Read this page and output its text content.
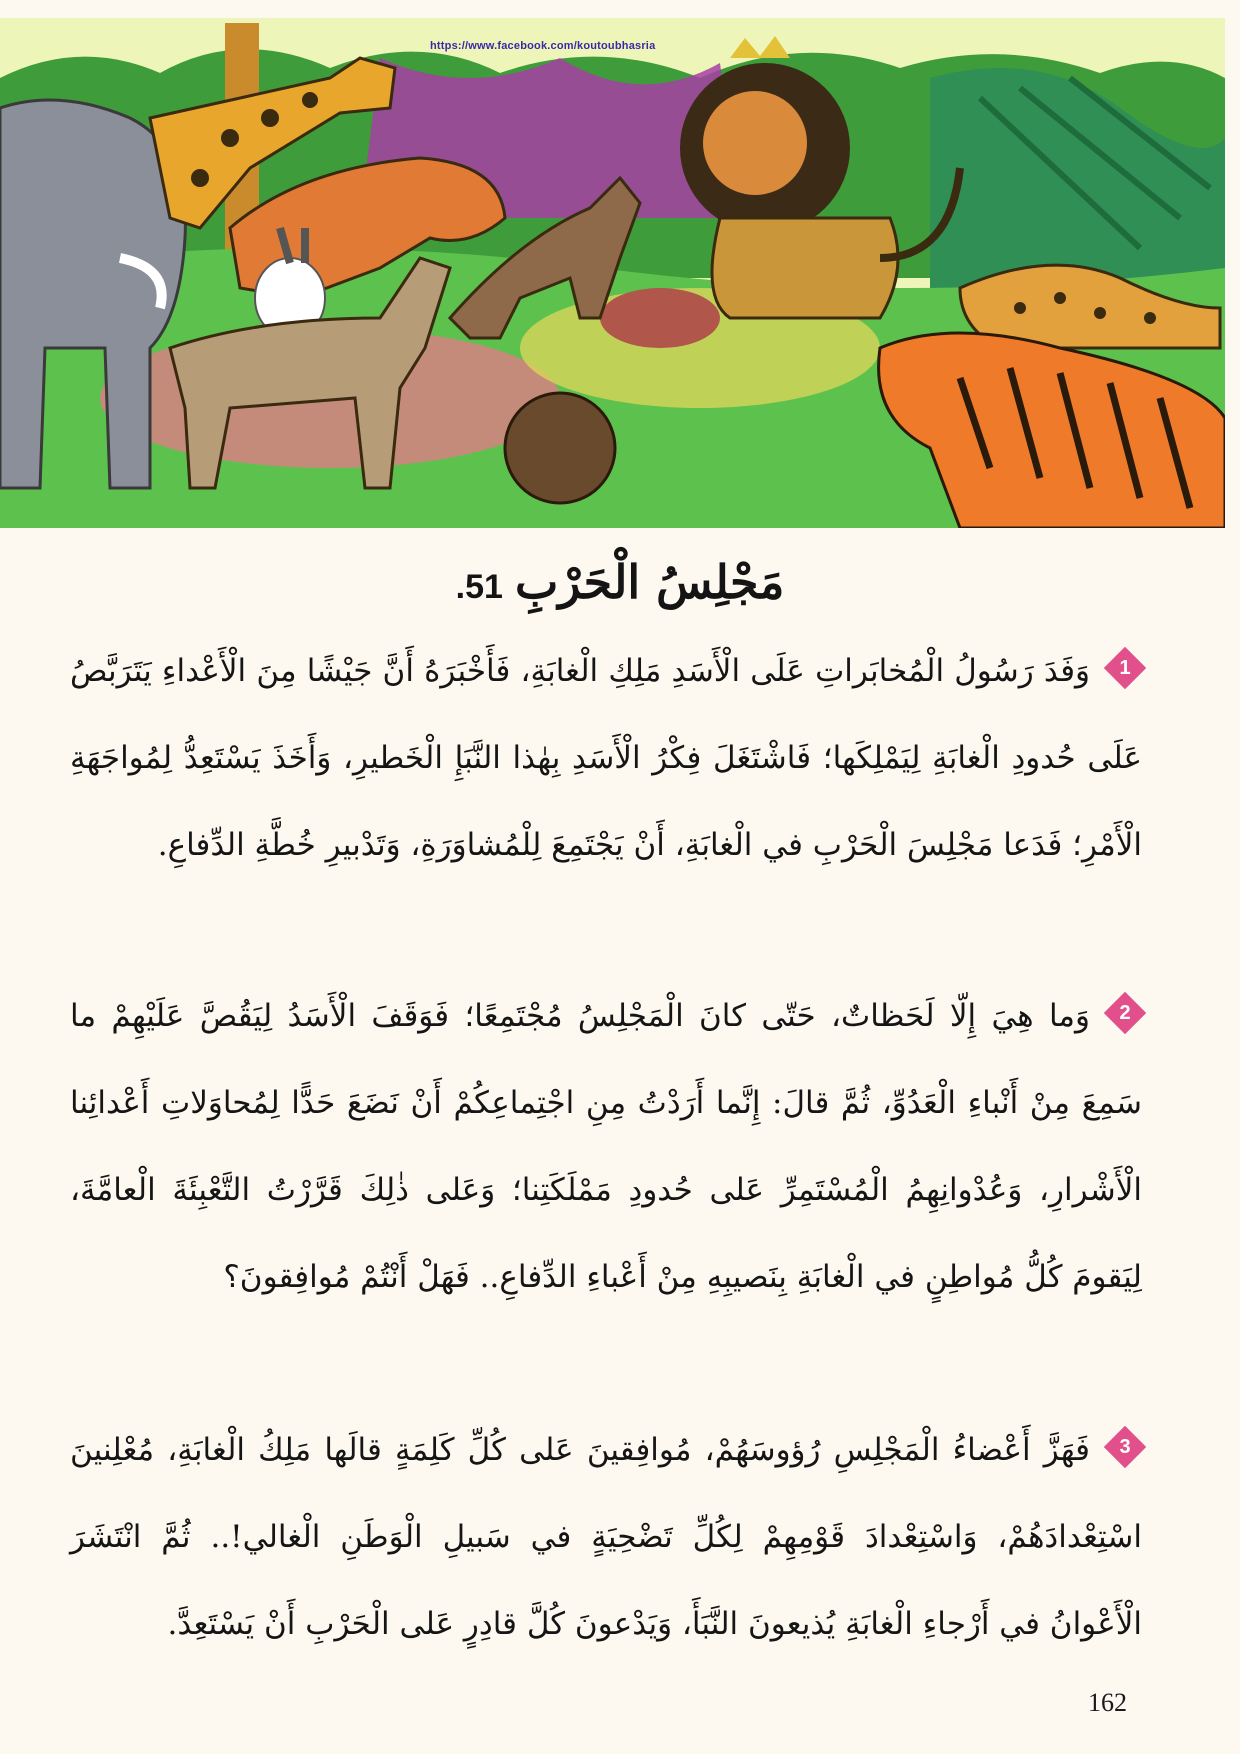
https://www.facebook.com/koutoubhasria
مَجْلِسُ الْحَرْبِ51.
1
وَفَدَ رَسُولُ الْمُخابَراتِ عَلَى الْأَسَدِ مَلِكِ الْغابَةِ، فَأَخْبَرَهُ أَنَّ جَيْشًا مِنَ الْأَعْداءِ يَتَرَبَّصُ عَلَى حُدودِ الْغابَةِ لِيَمْلِكَها؛ فَاشْتَغَلَ فِكْرُ الْأَسَدِ بِهٰذا النَّبَإِ الْخَطيرِ، وَأَخَذَ يَسْتَعِدُّ لِمُواجَهَةِ الْأَمْرِ؛ فَدَعا مَجْلِسَ الْحَرْبِ في الْغابَةِ، أَنْ يَجْتَمِعَ لِلْمُشاوَرَةِ، وَتَدْبيرِ خُطَّةِ الدِّفاعِ.
2
وَما هِيَ إِلّا لَحَظاتٌ، حَتّى كانَ الْمَجْلِسُ مُجْتَمِعًا؛ فَوَقَفَ الْأَسَدُ لِيَقُصَّ عَلَيْهِمْ ما سَمِعَ مِنْ أَنْباءِ الْعَدُوِّ، ثُمَّ قالَ: إِنَّما أَرَدْتُ مِنِ اجْتِماعِكُمْ أَنْ نَضَعَ حَدًّا لِمُحاوَلاتِ أَعْدائِنا الْأَشْرارِ، وَعُدْوانِهِمُ الْمُسْتَمِرِّ عَلى حُدودِ مَمْلَكَتِنا؛ وَعَلى ذٰلِكَ قَرَّرْتُ التَّعْبِئَةَ الْعامَّةَ، لِيَقومَ كُلُّ مُواطِنٍ في الْغابَةِ بِنَصيبِهِ مِنْ أَعْباءِ الدِّفاعِ.. فَهَلْ أَنْتُمْ مُوافِقونَ؟
3
فَهَزَّ أَعْضاءُ الْمَجْلِسِ رُؤوسَهُمْ، مُوافِقينَ عَلى كُلِّ كَلِمَةٍ قالَها مَلِكُ الْغابَةِ، مُعْلِنينَ اسْتِعْدادَهُمْ، وَاسْتِعْدادَ قَوْمِهِمْ لِكُلِّ تَضْحِيَةٍ في سَبيلِ الْوَطَنِ الْغالي!.. ثُمَّ انْتَشَرَ الْأَعْوانُ في أَرْجاءِ الْغابَةِ يُذيعونَ النَّبَأَ، وَيَدْعونَ كُلَّ قادِرٍ عَلى الْحَرْبِ أَنْ يَسْتَعِدَّ.
162
